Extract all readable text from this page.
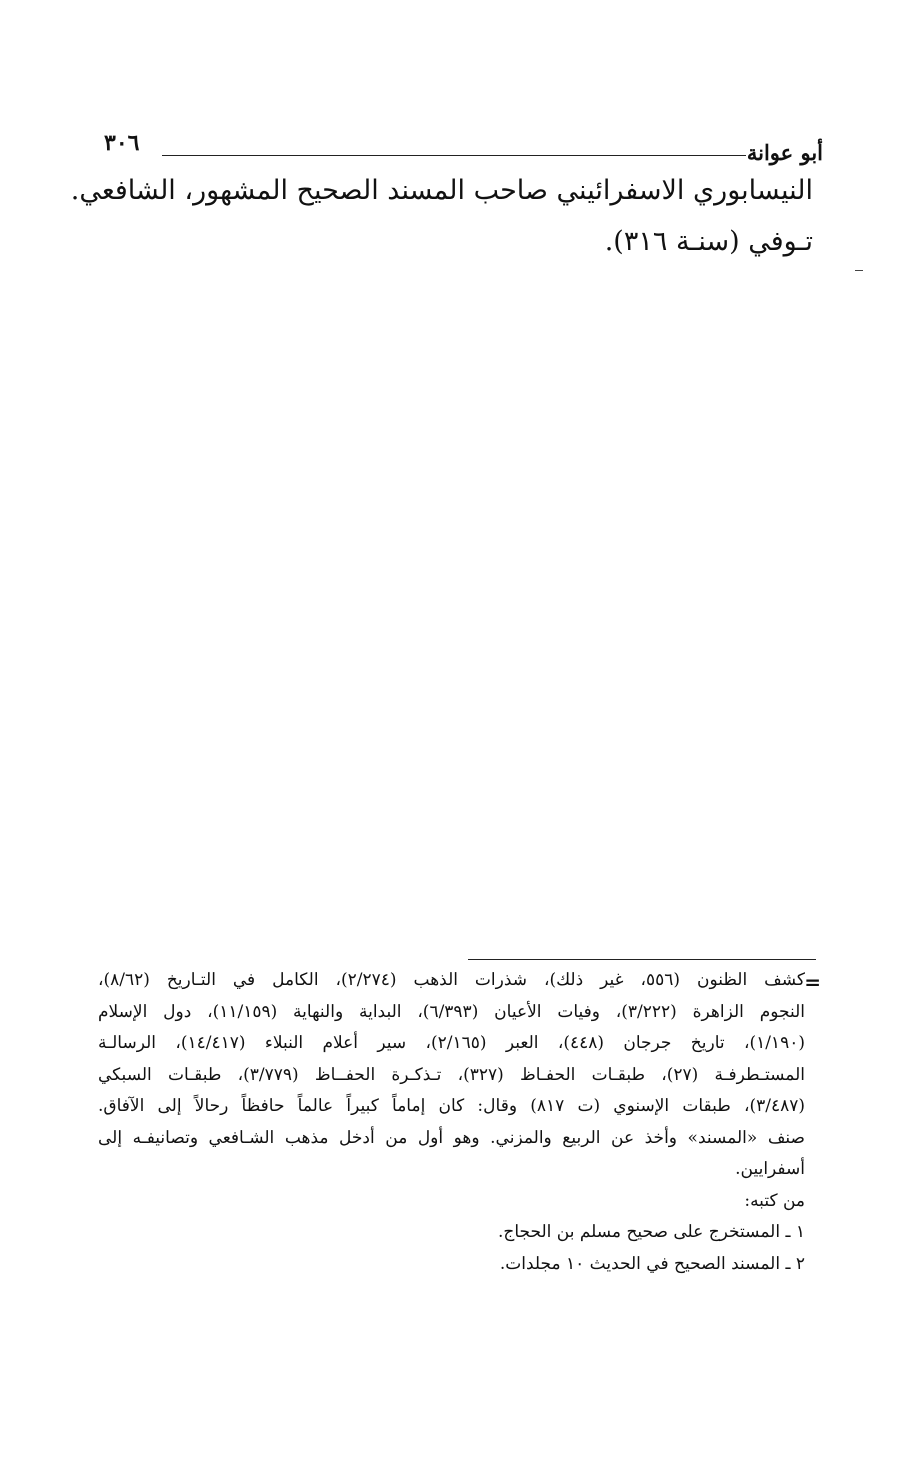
أبو عوانة
٣٠٦
النيسابوري الاسفرائيني صاحب المسند الصحيح المشهور، الشافعي.
تـوفي (سنـة ٣١٦).
=
كشف الظنون (٥٥٦، غير ذلك)، شذرات الذهب (٢/٢٧٤)، الكامل في التـاريخ (٨/٦٢)،
النجوم الزاهرة (٣/٢٢٢)، وفيات الأعيان (٦/٣٩٣)، البداية والنهاية (١١/١٥٩)، دول الإسلام
(١/١٩٠)، تاريخ جرجان (٤٤٨)، العبر (٢/١٦٥)، سير أعلام النبلاء (١٤/٤١٧)، الرسالـة
المستـطرفـة (٢٧)، طبقـات الحفـاظ (٣٢٧)، تـذكـرة الحفــاظ (٣/٧٧٩)، طبقـات السبكي
(٣/٤٨٧)، طبقات الإسنوي (ت ٨١٧) وقال: كان إماماً كبيراً عالماً حافظاً رحالاً إلى الآفاق.
صنف «المسند» وأخذ عن الربيع والمزني. وهو أول من أدخل مذهب الشـافعي وتصانيفـه إلى
أسفرايين.
من كتبه:
١ ـ المستخرج على صحيح مسلم بن الحجاج.
٢ ـ المسند الصحيح في الحديث ١٠ مجلدات.
